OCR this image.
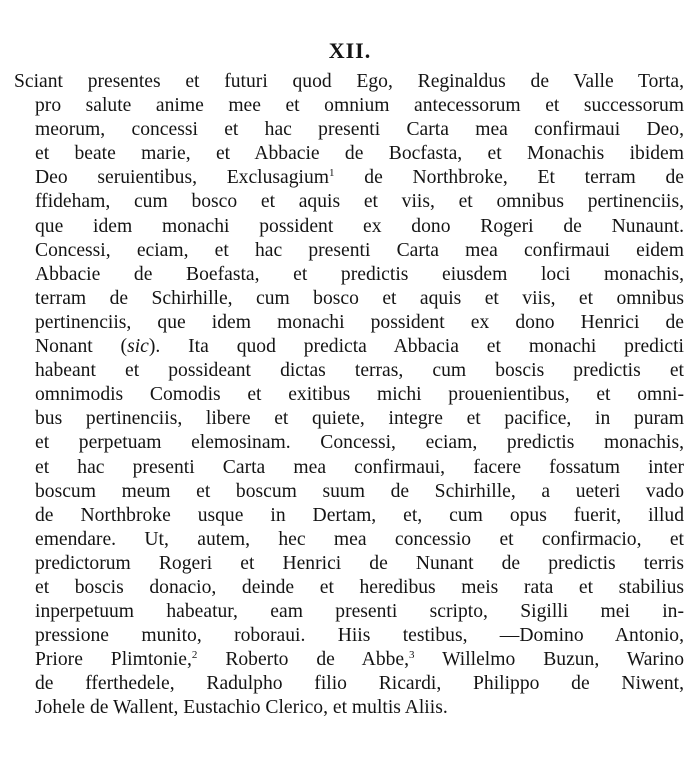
XII.
Sciant presentes et futuri quod Ego, Reginaldus de Valle Torta,
pro salute anime mee et omnium antecessorum et successorum
meorum, concessi et hac presenti Carta mea confirmaui Deo,
et beate marie, et Abbacie de Bocfasta, et Monachis ibidem
Deo seruientibus, Exclusagium$^1$ de Northbroke, Et terram de
ffideham, cum bosco et aquis et viis, et omnibus pertinenciis,
que idem monachi possident ex dono Rogeri de Nunaunt.
Concessi, eciam, et hac presenti Carta mea confirmaui eidem
Abbacie de Boefasta, et predictis eiusdem loci monachis,
terram de Schirhille, cum bosco et aquis et viis, et omnibus
pertinenciis, que idem monachi possident ex dono Henrici de
Nonant (sic). Ita quod predicta Abbacia et monachi predicti
habeant et possideant dictas terras, cum boscis predictis et
omnimodis Comodis et exitibus michi prouenientibus, et omni-
bus pertinenciis, libere et quiete, integre et pacifice, in puram
et perpetuam elemosinam. Concessi, eciam, predictis monachis,
et hac presenti Carta mea confirmaui, facere fossatum inter
boscum meum et boscum suum de Schirhille, a ueteri vado
de Northbroke usque in Dertam, et, cum opus fuerit, illud
emendare. Ut, autem, hec mea concessio et confirmacio, et
predictorum Rogeri et Henrici de Nunant de predictis terris
et boscis donacio, deinde et heredibus meis rata et stabilius
inperpetuum habeatur, eam presenti scripto, Sigilli mei in-
pressione munito, roboraui. Hiis testibus, —Domino Antonio,
Priore Plimtonie,$^2$ Roberto de Abbe,$^3$ Willelmo Buzun, Warino
de fferthedele, Radulpho filio Ricardi, Philippo de Niwent,
Johele de Wallent, Eustachio Clerico, et multis Aliis.
